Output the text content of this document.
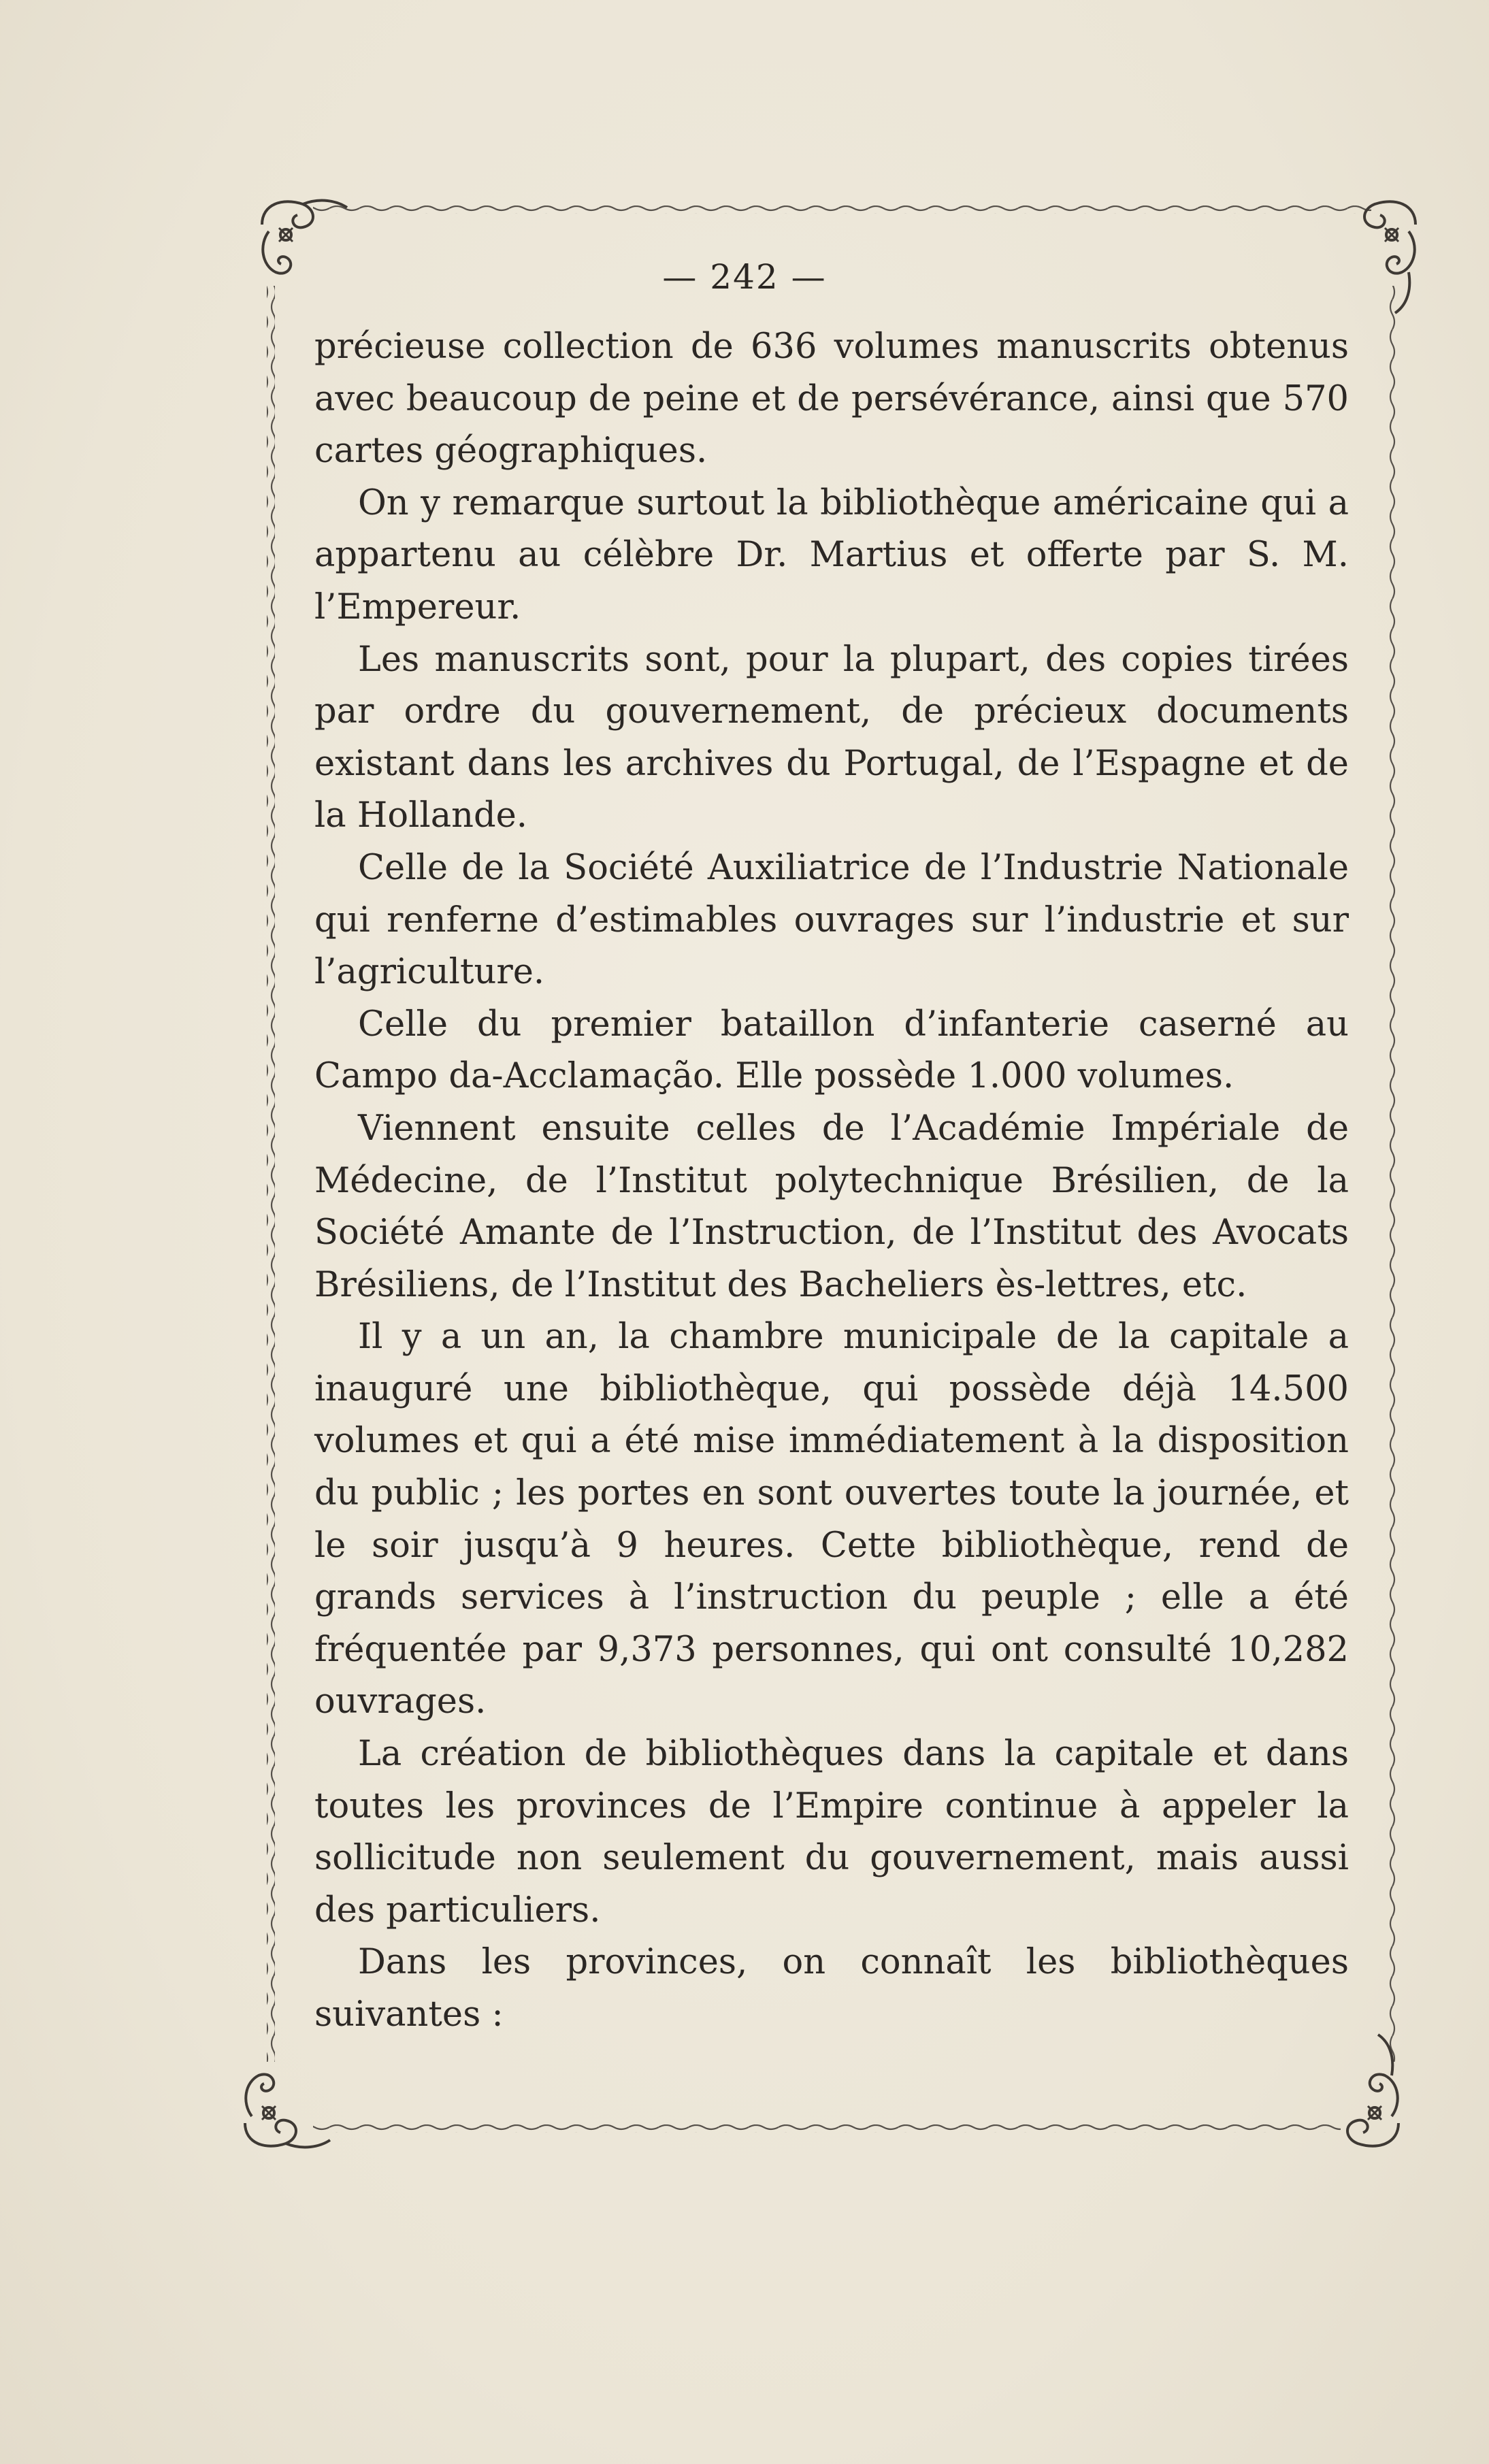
— 242 —

précieuse collection de 636 volumes manuscrits obtenus avec beaucoup de peine et de persévérance, ainsi que 570 cartes géographiques.

On y remarque surtout la bibliothèque américaine qui a appartenu au célèbre Dr. Martius et offerte par S. M. l’Empereur.

Les manuscrits sont, pour la plupart, des copies tirées par ordre du gouvernement, de précieux documents existant dans les archives du Portugal, de l’Espagne et de la Hollande.

Celle de la Société Auxiliatrice de l’Industrie Nationale qui renferne d’estimables ouvrages sur l’industrie et sur l’agriculture.

Celle du premier bataillon d’infanterie caserné au Campo da-Acclamação. Elle possède 1.000 volumes.

Viennent ensuite celles de l’Académie Impériale de Médecine, de l’Institut polytechnique Brésilien, de la Société Amante de l’Instruction, de l’Institut des Avocats Brésiliens, de l’Institut des Bacheliers ès-lettres, etc.

Il y a un an, la chambre municipale de la capitale a inauguré une bibliothèque, qui possède déjà 14.500 volumes et qui a été mise immédiatement à la disposition du public ; les portes en sont ouvertes toute la journée, et le soir jusqu’à 9 heures. Cette bibliothèque, rend de grands services à l’instruction du peuple ; elle a été fréquentée par 9,373 personnes, qui ont consulté 10,282 ouvrages.

La création de bibliothèques dans la capitale et dans toutes les provinces de l’Empire continue à appeler la sollicitude non seulement du gouvernement, mais aussi des particuliers.

Dans les provinces, on connaît les bibliothèques suivantes :
